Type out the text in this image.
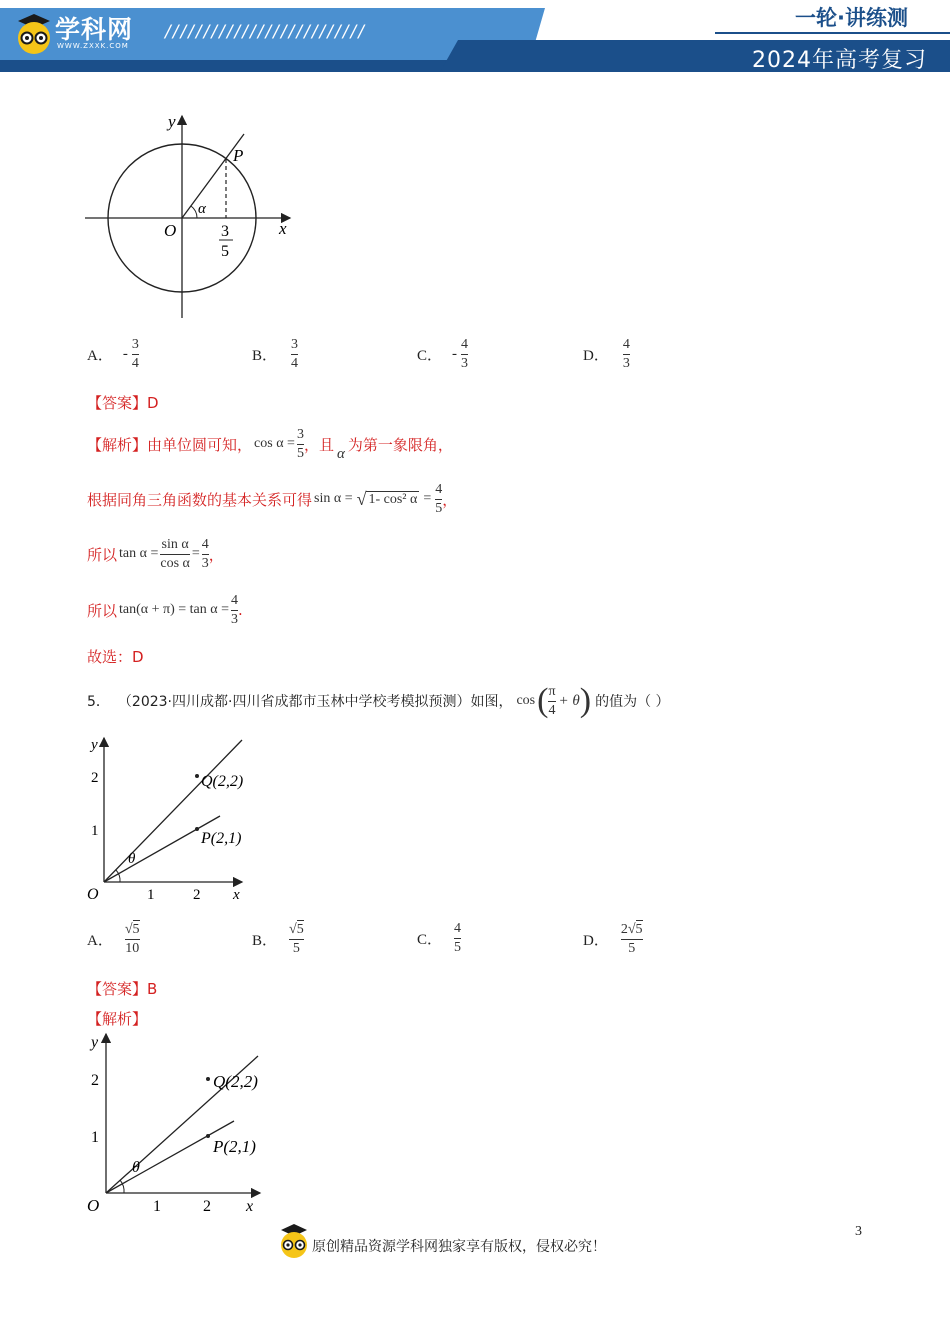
学科网
WWW.ZXXK.COM
//////////////////////////
一轮·讲练测
2024年高考复习
y
x
O
P
α
3
5
A． - $\frac{3}{4}$	B． $\frac{3}{4}$	C． - $\frac{4}{3}$	D． $\frac{4}{3}$
【答案】D
【解析】 由单位圆可知， $\cos \alpha = \frac{3}{5}$ ，且 α 为第一象限角，
根据同角三角函数的基本关系可得 sin α = √ 1- cos² $\alpha = \frac{4}{5}$ ，
所以 $\tan \alpha = \frac{\text{sin α}}{\text{cos α}} = \frac{4}{3}$ ，
所以 $\tan(\alpha + \pi) = \tan \alpha = \frac{4}{3}$ .
故选：D
5． （2023·四川成都·四川省成都市玉林中学校考模拟预测）如图， cos ( $\frac{\pi}{4} + \theta$ ) 的值为（ ）
y
x
O	1	2
1
2	Q(2,2)
P(2,1)
θ
A． $\frac{√ 5}{10}$	B． $\frac{√ 5}{5}$	C． $\frac{4}{5}$	D． $\frac{2 √ 5}{5}$
【答案】B
【解析】
y
x
O	1	2
1
2	Q(2,2)
P(2,1)
θ
3
原创精品资源学科网独家享有版权，侵权必究！
